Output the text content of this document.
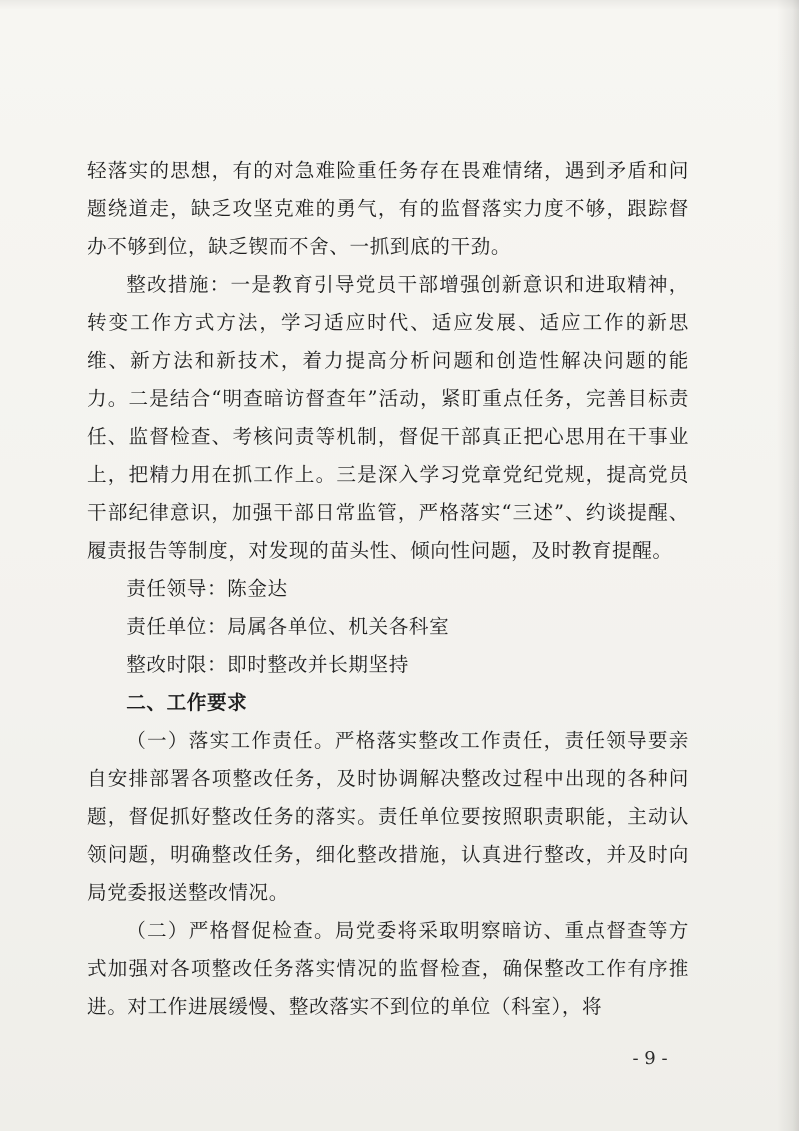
轻落实的思想，有的对急难险重任务存在畏难情绪，遇到矛盾和问题绕道走，缺乏攻坚克难的勇气，有的监督落实力度不够，跟踪督办不够到位，缺乏锲而不舍、一抓到底的干劲。

整改措施：一是教育引导党员干部增强创新意识和进取精神，转变工作方式方法，学习适应时代、适应发展、适应工作的新思维、新方法和新技术，着力提高分析问题和创造性解决问题的能力。二是结合“明查暗访督查年”活动，紧盯重点任务，完善目标责任、监督检查、考核问责等机制，督促干部真正把心思用在干事业上，把精力用在抓工作上。三是深入学习党章党纪党规，提高党员干部纪律意识，加强干部日常监管，严格落实“三述”、约谈提醒、履责报告等制度，对发现的苗头性、倾向性问题，及时教育提醒。

责任领导：陈金达

责任单位：局属各单位、机关各科室

整改时限：即时整改并长期坚持

二、工作要求

（一）落实工作责任。严格落实整改工作责任，责任领导要亲自安排部署各项整改任务，及时协调解决整改过程中出现的各种问题，督促抓好整改任务的落实。责任单位要按照职责职能，主动认领问题，明确整改任务，细化整改措施，认真进行整改，并及时向局党委报送整改情况。

（二）严格督促检查。局党委将采取明察暗访、重点督查等方式加强对各项整改任务落实情况的监督检查，确保整改工作有序推进。对工作进展缓慢、整改落实不到位的单位（科室），将

- 9 -
